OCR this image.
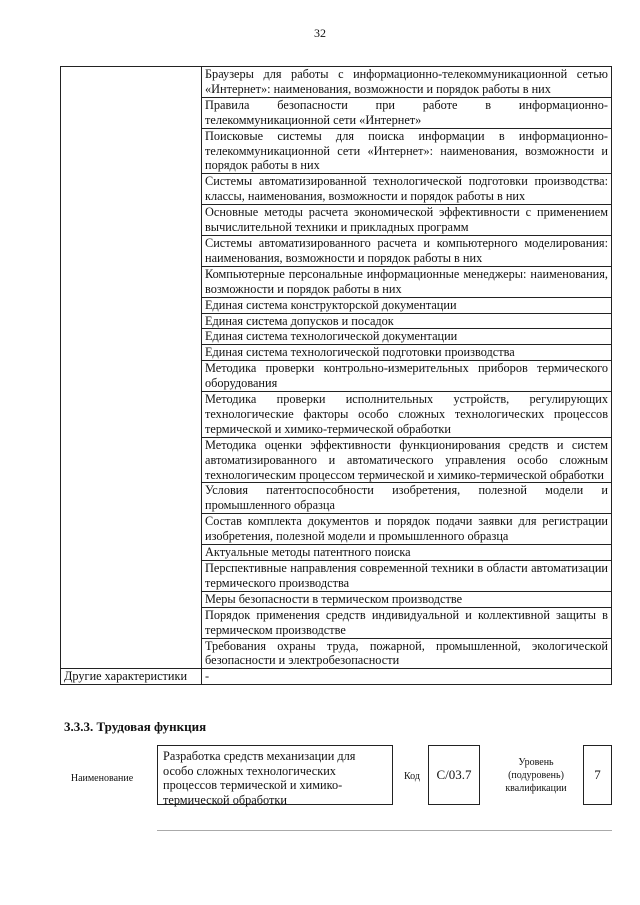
32
	Браузеры для работы с информационно-телекоммуникационной сетью «Интернет»: наименования, возможности и порядок работы в них
	Правила безопасности при работе в информационно-телекоммуникационной сети «Интернет»
	Поисковые системы для поиска информации в информационно-телекоммуникационной сети «Интернет»: наименования, возможности и порядок работы в них
	Системы автоматизированной технологической подготовки производства: классы, наименования, возможности и порядок работы в них
	Основные методы расчета экономической эффективности с применением вычислительной техники и прикладных программ
	Системы автоматизированного расчета и компьютерного моделирования: наименования, возможности и порядок работы в них
	Компьютерные персональные информационные менеджеры: наименования, возможности и порядок работы в них
	Единая система конструкторской документации
	Единая система допусков и посадок
	Единая система технологической документации
	Единая система технологической подготовки производства
	Методика проверки контрольно-измерительных приборов термического оборудования
	Методика проверки исполнительных устройств, регулирующих технологические факторы особо сложных технологических процессов термической и химико-термической обработки
	Методика оценки эффективности функционирования средств и систем автоматизированного и автоматического управления особо сложным технологическим процессом термической и химико-термической обработки
	Условия патентоспособности изобретения, полезной модели и промышленного образца
	Состав комплекта документов и порядок подачи заявки для регистрации изобретения, полезной модели и промышленного образца
	Актуальные методы патентного поиска
	Перспективные направления современной техники в области автоматизации термического производства
	Меры безопасности в термическом производстве
	Порядок применения средств индивидуальной и коллективной защиты в термическом производстве
	Требования охраны труда, пожарной, промышленной, экологической безопасности и электробезопасности
Другие характеристики	-
3.3.3. Трудовая функция
Наименование
Разработка средств механизации для особо сложных технологических процессов термической и химико-термической обработки
Код	C/03.7
Уровень (подуровень) квалификации
7
